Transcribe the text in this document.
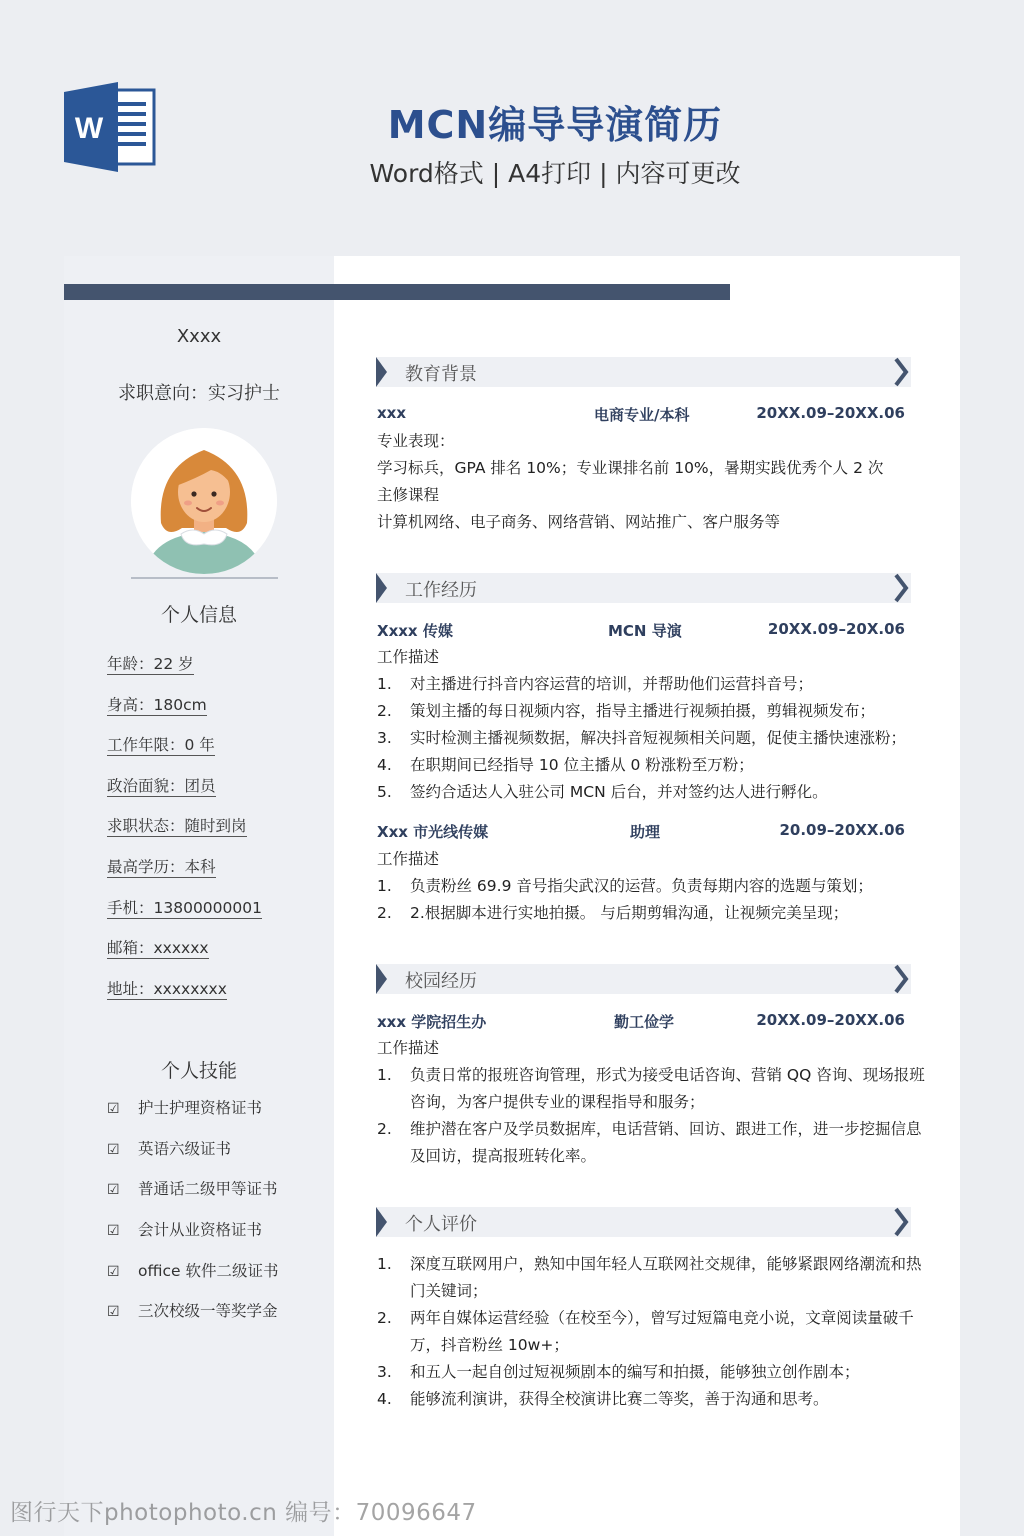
W	MCN编导导演简历
Word格式 | A4打印 | 内容可更改
Xxxx
求职意向：实习护士
个人信息
年龄：22 岁
身高：180cm
工作年限：0 年
政治面貌：团员
求职状态：随时到岗
最高学历：本科
手机：13800000001
邮箱：xxxxxx
地址：xxxxxxxx
个人技能
☑ 护士护理资格证书
☑ 英语六级证书
☑ 普通话二级甲等证书
☑ 会计从业资格证书
☑ office 软件二级证书
☑ 三次校级一等奖学金
教育背景
xxx	电商专业/本科	20XX.09–20XX.06
专业表现：
学习标兵，GPA 排名 10%；专业课排名前 10%，暑期实践优秀个人 2 次
主修课程
计算机网络、电子商务、网络营销、网站推广、客户服务等
工作经历
Xxxx 传媒	MCN 导演	20XX.09–20X.06
工作描述
1. 对主播进行抖音内容运营的培训，并帮助他们运营抖音号；
2. 策划主播的每日视频内容，指导主播进行视频拍摄，剪辑视频发布；
3. 实时检测主播视频数据，解决抖音短视频相关问题，促使主播快速涨粉；
4. 在职期间已经指导 10 位主播从 0 粉涨粉至万粉；
5. 签约合适达人入驻公司 MCN 后台，并对签约达人进行孵化。
Xxx 市光线传媒	助理	20.09–20XX.06
工作描述
1. 负责粉丝 69.9 音号指尖武汉的运营。负责每期内容的选题与策划；
2. 2.根据脚本进行实地拍摄。 与后期剪辑沟通，让视频完美呈现；
校园经历
xxx 学院招生办	勤工俭学	20XX.09–20XX.06
工作描述
1. 负责日常的报班咨询管理，形式为接受电话咨询、营销 QQ 咨询、现场报班咨询，为客户提供专业的课程指导和服务；
2. 维护潜在客户及学员数据库，电话营销、回访、跟进工作，进一步挖掘信息及回访，提高报班转化率。
个人评价
1. 深度互联网用户，熟知中国年轻人互联网社交规律，能够紧跟网络潮流和热门关键词；
2. 两年自媒体运营经验（在校至今），曾写过短篇电竞小说，文章阅读量破千万，抖音粉丝 10w+；
3. 和五人一起自创过短视频剧本的编写和拍摄，能够独立创作剧本；
4. 能够流利演讲，获得全校演讲比赛二等奖，善于沟通和思考。
图行天下photophoto.cn 编号：70096647
